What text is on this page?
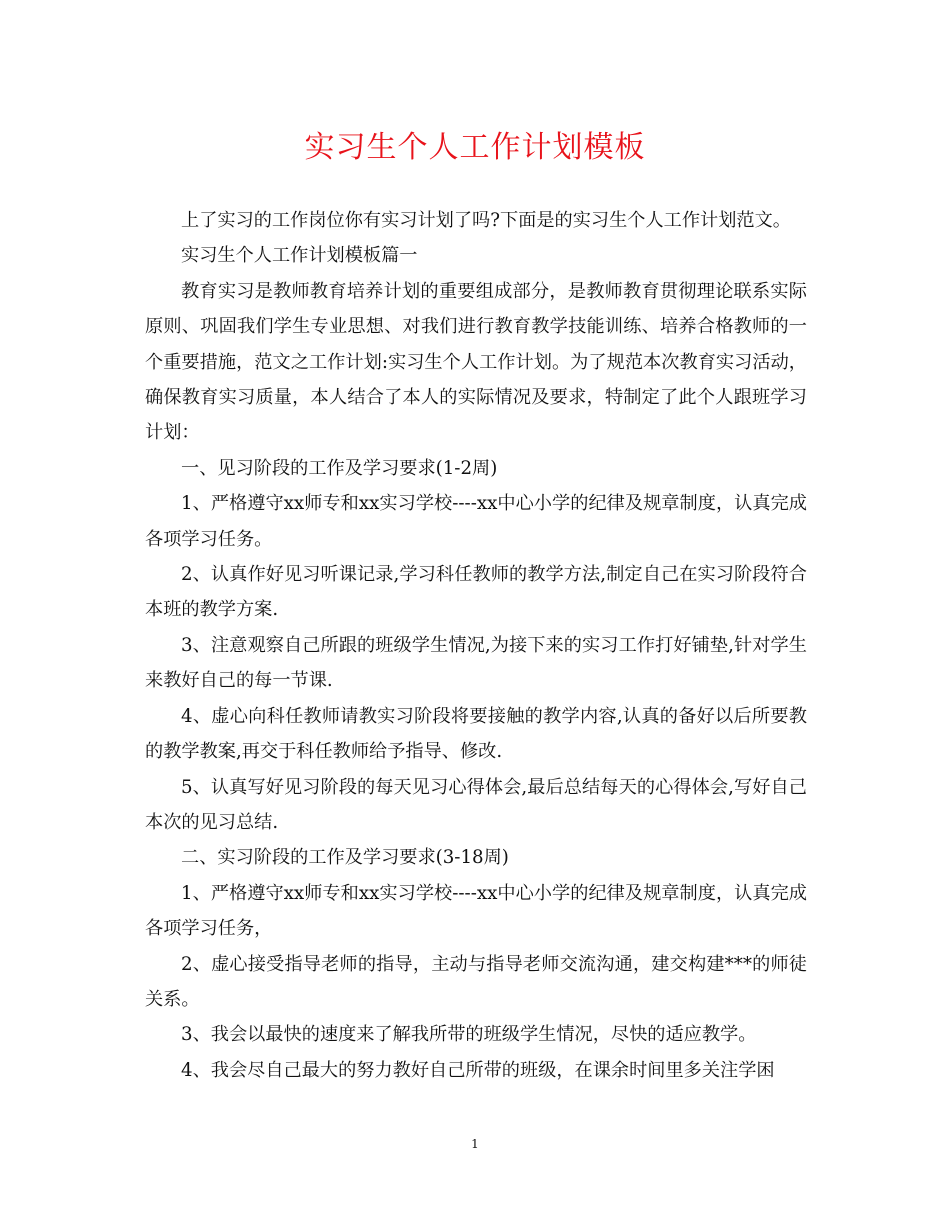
实习生个人工作计划模板

上了实习的工作岗位你有实习计划了吗?下面是的实习生个人工作计划范文。

实习生个人工作计划模板篇一

教育实习是教师教育培养计划的重要组成部分，是教师教育贯彻理论联系实际原则、巩固我们学生专业思想、对我们进行教育教学技能训练、培养合格教师的一个重要措施，范文之工作计划:实习生个人工作计划。为了规范本次教育实习活动，确保教育实习质量，本人结合了本人的实际情况及要求，特制定了此个人跟班学习计划：

一、见习阶段的工作及学习要求(1-2周)

1、严格遵守xx师专和xx实习学校----xx中心小学的纪律及规章制度，认真完成各项学习任务。

2、认真作好见习听课记录,学习科任教师的教学方法,制定自己在实习阶段符合本班的教学方案.

3、注意观察自己所跟的班级学生情况,为接下来的实习工作打好铺垫,针对学生来教好自己的每一节课.

4、虚心向科任教师请教实习阶段将要接触的教学内容,认真的备好以后所要教的教学教案,再交于科任教师给予指导、修改.

5、认真写好见习阶段的每天见习心得体会,最后总结每天的心得体会,写好自己本次的见习总结.

二、实习阶段的工作及学习要求(3-18周)

1、严格遵守xx师专和xx实习学校----xx中心小学的纪律及规章制度，认真完成各项学习任务，

2、虚心接受指导老师的指导，主动与指导老师交流沟通，建交构建***的师徒关系。

3、我会以最快的速度来了解我所带的班级学生情况，尽快的适应教学。

4、我会尽自己最大的努力教好自己所带的班级，在课余时间里多关注学困

1
